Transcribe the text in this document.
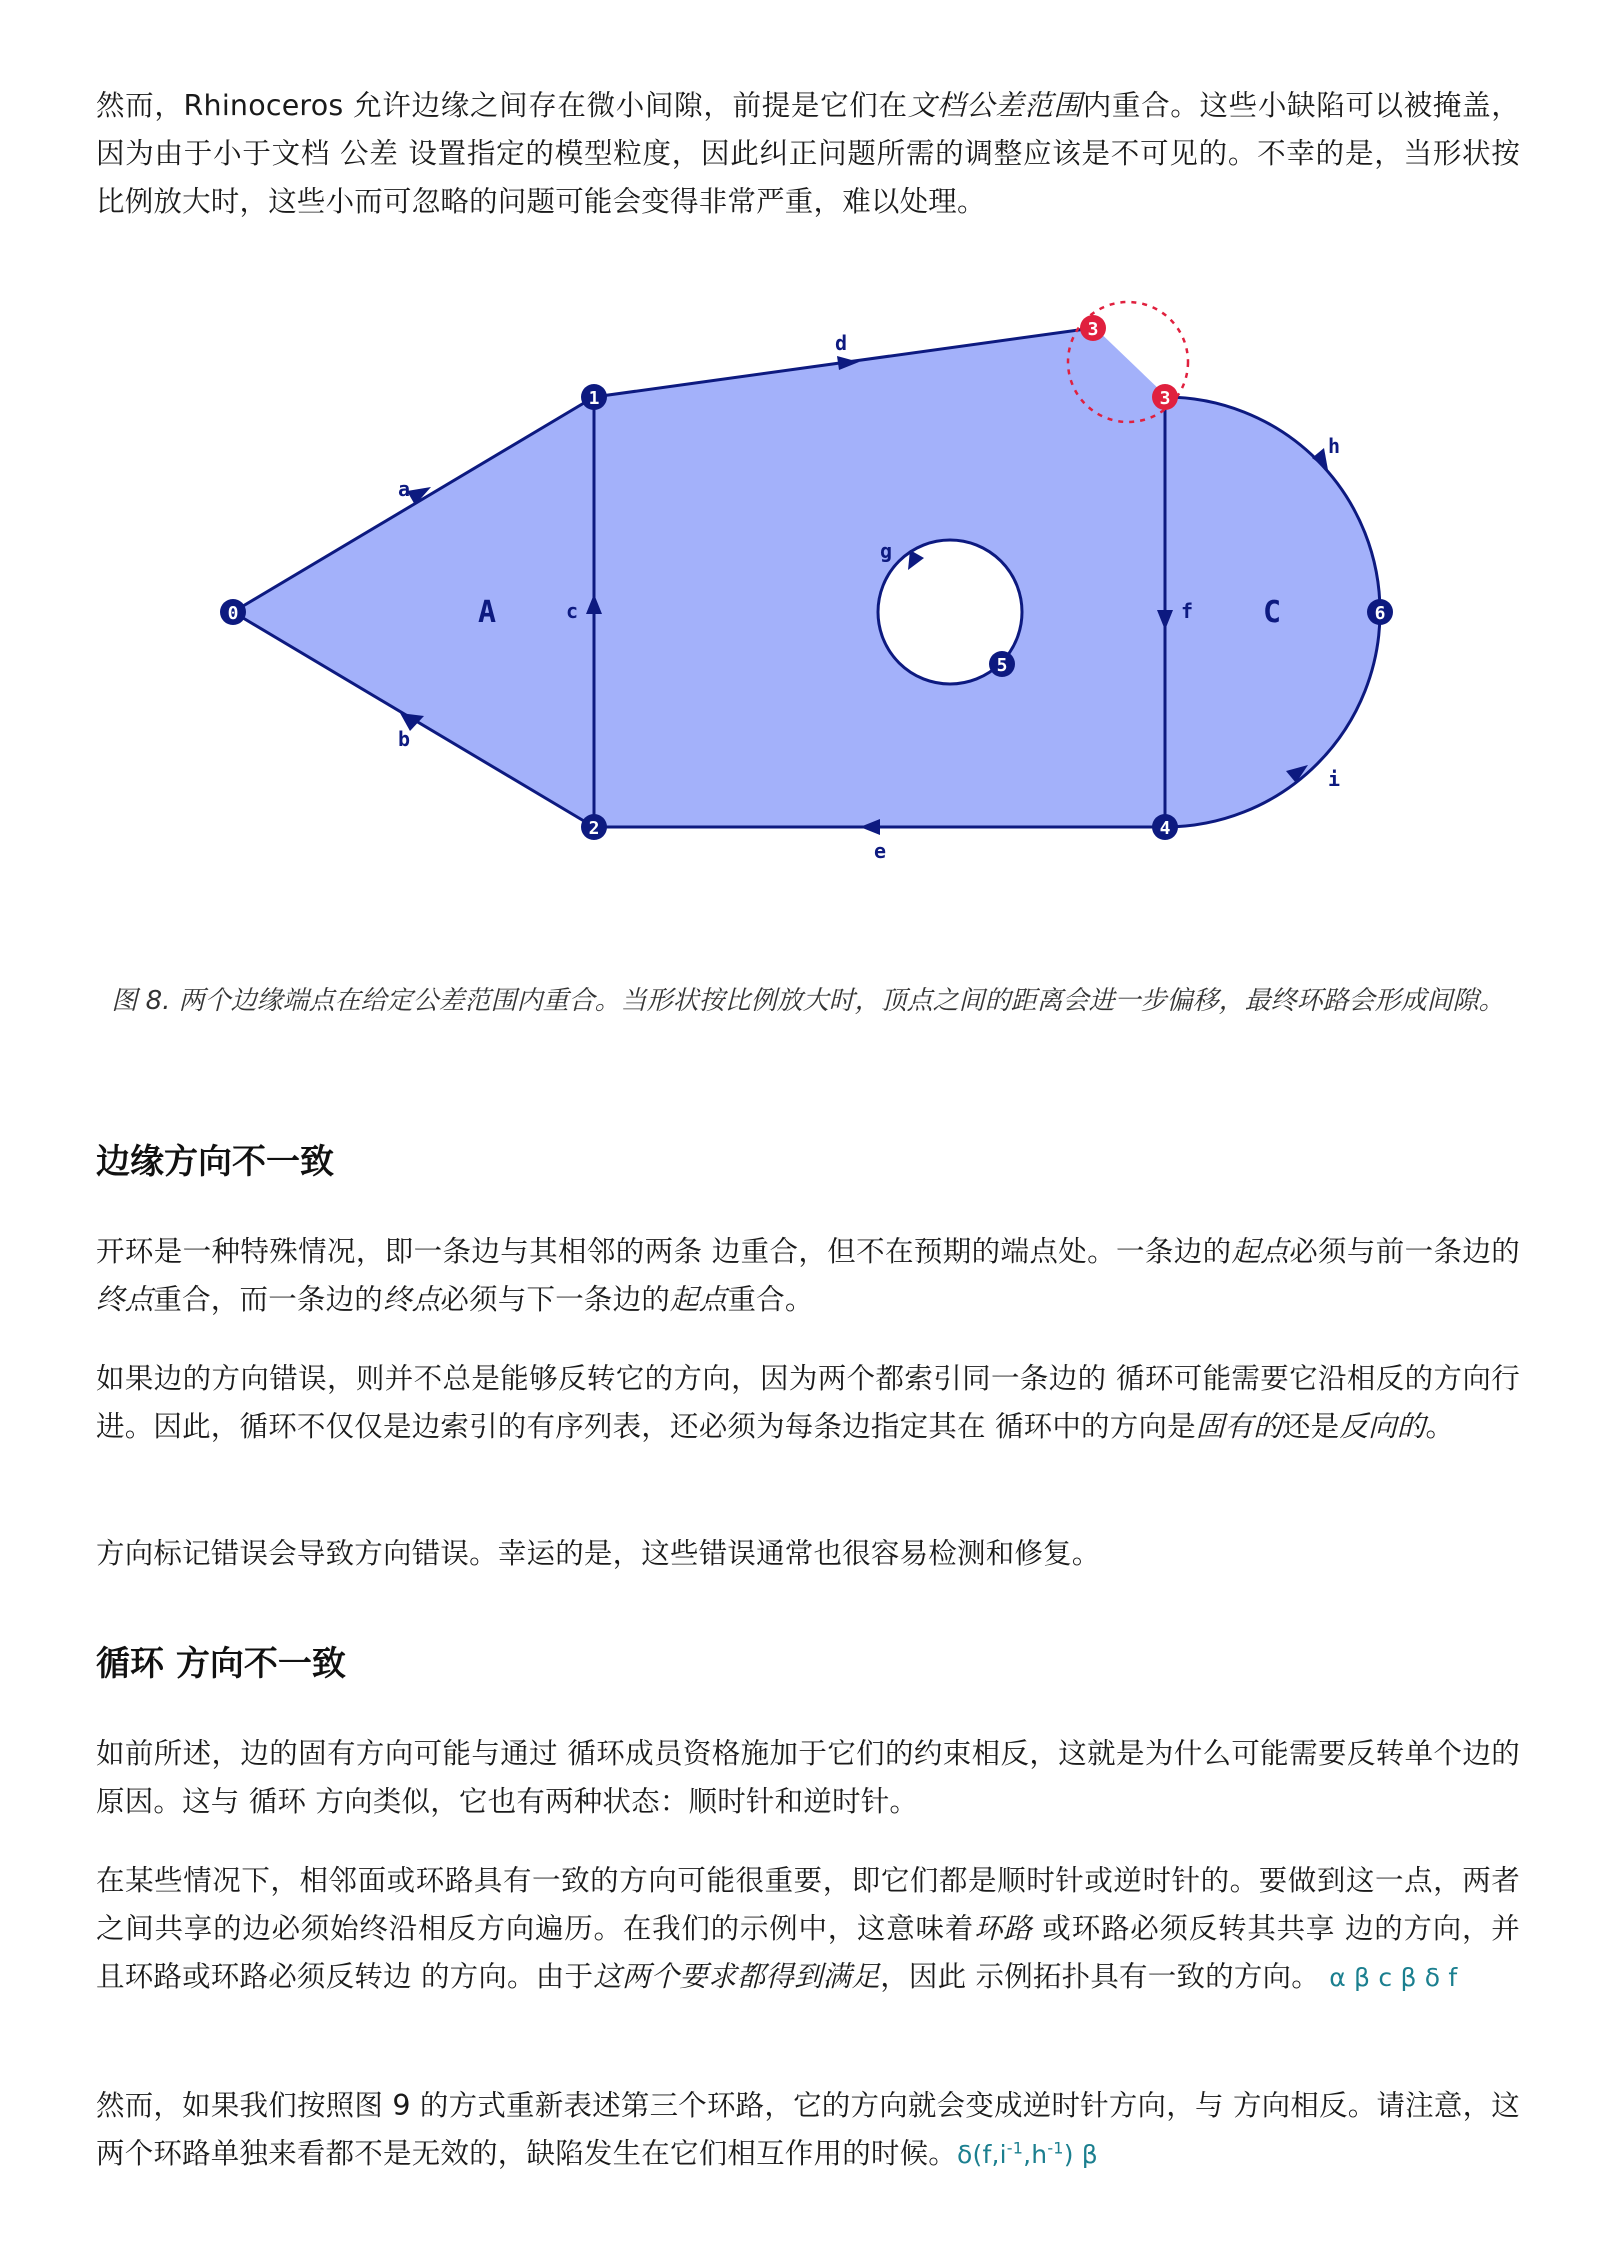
然而，Rhinoceros 允许边缘之间存在微小间隙，前提是它们在文档公差范围内重合。这些小缺陷可以被掩盖，因为由于小于文档 公差 设置指定的模型粒度，因此纠正问题所需的调整应该是不可见的。不幸的是，当形状按比例放大时，这些小而可忽略的问题可能会变得非常严重，难以处理。

图 8. 两个边缘端点在给定公差范围内重合。当形状按比例放大时，顶点之间的距离会进一步偏移，最终环路会形成间隙。

边缘方向不一致

开环是一种特殊情况，即一条边与其相邻的两条 边重合，但不在预期的端点处。一条边的起点必须与前一条边的终点重合，而一条边的终点必须与下一条边的起点重合。

如果边的方向错误，则并不总是能够反转它的方向，因为两个都索引同一条边的 循环可能需要它沿相反的方向行进。因此，循环不仅仅是边索引的有序列表，还必须为每条边指定其在 循环中的方向是固有的还是反向的。

方向标记错误会导致方向错误。幸运的是，这些错误通常也很容易检测和修复。

循环 方向不一致

如前所述，边的固有方向可能与通过 循环成员资格施加于它们的约束相反，这就是为什么可能需要反转单个边的原因。这与 循环 方向类似，它也有两种状态：顺时针和逆时针。

在某些情况下，相邻面或环路具有一致的方向可能很重要，即它们都是顺时针或逆时针的。要做到这一点，两者之间共享的边必须始终沿相反方向遍历。在我们的示例中，这意味着环路 或环路必须反转其共享 边的方向，并且环路或环路必须反转边 的方向。由于这两个要求都得到满足，因此 示例拓扑具有一致的方向。 α β c β δ f

然而，如果我们按照图 9 的方式重新表述第三个环路，它的方向就会变成逆时针方向，与 方向相反。请注意，这两个环路单独来看都不是无效的，缺陷发生在它们相互作用的时候。$\delta(f,i^{-1},h^{-1})$ β

0
1
2
3
3
4
5
6
a
b
c
d
e
f
g
h
i
A	C
